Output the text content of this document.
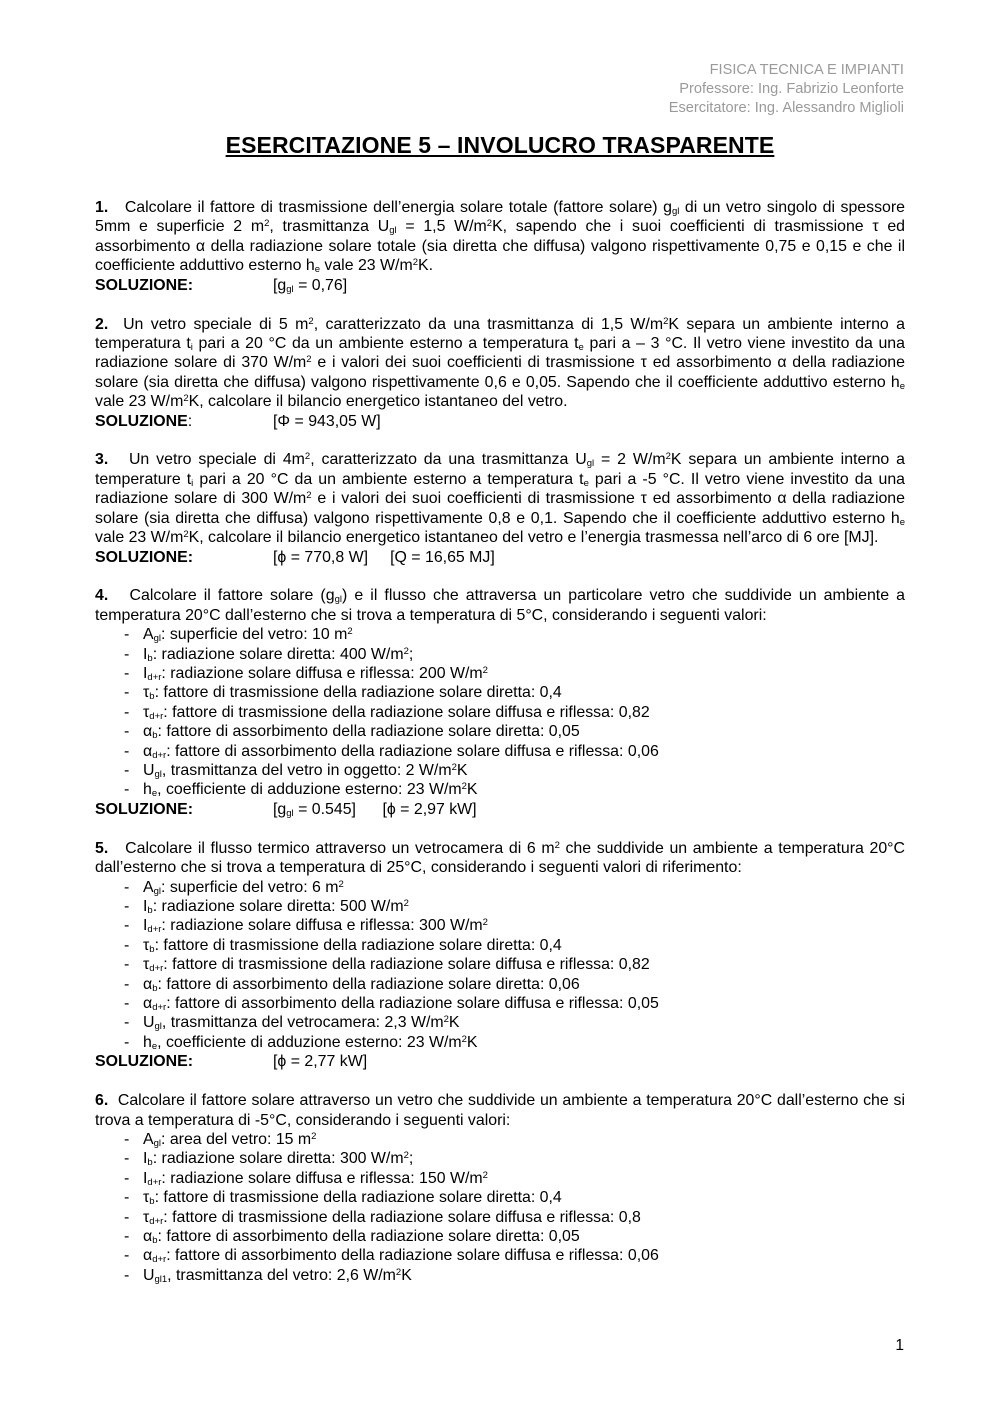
FISICA TECNICA E IMPIANTI
Professore: Ing. Fabrizio Leonforte
Esercitatore: Ing. Alessandro Miglioli
ESERCITAZIONE 5 – INVOLUCRO TRASPARENTE

1. Calcolare il fattore di trasmissione dell’energia solare totale (fattore solare) $g_{gl}$ di un vetro singolo di spessore 5mm e superficie 2 $m^2$, trasmittanza $U_{gl} = 1,5$ $W/m^2K$, sapendo che i suoi coefficienti di trasmissione τ ed assorbimento α della radiazione solare totale (sia diretta che diffusa) valgono rispettivamente 0,75 e 0,15 e che il coefficiente adduttivo esterno $h_e$ vale 23 $W/m^2K$.

SOLUZIONE:	$[g_{gl} = 0,76]$

2. Un vetro speciale di 5 $m^2$, caratterizzato da una trasmittanza di 1,5 $W/m^2K$ separa un ambiente interno a temperatura $t_i$ pari a 20 °C da un ambiente esterno a temperatura $t_e$ pari a – 3 °C. Il vetro viene investito da una radiazione solare di 370 $W/m^2$ e i valori dei suoi coefficienti di trasmissione τ ed assorbimento α della radiazione solare (sia diretta che diffusa) valgono rispettivamente 0,6 e 0,05. Sapendo che il coefficiente adduttivo esterno $h_e$ vale 23 $W/m^2K$, calcolare il bilancio energetico istantaneo del vetro.

SOLUZIONE:	[Φ = 943,05 W]

3. Un vetro speciale di $4m^2$, caratterizzato da una trasmittanza $U_{gl} = 2$ $W/m^2K$ separa un ambiente interno a temperature $t_i$ pari a 20 °C da un ambiente esterno a temperatura $t_e$ pari a -5 °C. Il vetro viene investito da una radiazione solare di 300 $W/m^2$ e i valori dei suoi coefficienti di trasmissione τ ed assorbimento α della radiazione solare (sia diretta che diffusa) valgono rispettivamente 0,8 e 0,1. Sapendo che il coefficiente adduttivo esterno $h_e$ vale 23 $W/m^2K$, calcolare il bilancio energetico istantaneo del vetro e l’energia trasmessa nell’arco di 6 ore [MJ].

SOLUZIONE:	[ϕ = 770,8 W]     [Q = 16,65 MJ]

4. Calcolare il fattore solare $(g_{gl})$ e il flusso che attraversa un particolare vetro che suddivide un ambiente a temperatura 20°C dall’esterno che si trova a temperatura di 5°C, considerando i seguenti valori:

- $A_{gl}$: superficie del vetro: 10 $m^2$
- $I_b$: radiazione solare diretta: 400 $W/m^2$;
- $I_{d+r}$: radiazione solare diffusa e riflessa: 200 $W/m^2$
- $\tau_b$: fattore di trasmissione della radiazione solare diretta: 0,4
- $\tau_{d+r}$: fattore di trasmissione della radiazione solare diffusa e riflessa: 0,82
- $\alpha_b$: fattore di assorbimento della radiazione solare diretta: 0,05
- $\alpha_{d+r}$: fattore di assorbimento della radiazione solare diffusa e riflessa: 0,06
- $U_{gl}$, trasmittanza del vetro in oggetto: 2 $W/m^2K$
- $h_e$, coefficiente di adduzione esterno: 23 $W/m^2K$
SOLUZIONE:	$[g_{gl} = 0.545]$      [ϕ = 2,97 kW]

5. Calcolare il flusso termico attraverso un vetrocamera di 6 $m^2$ che suddivide un ambiente a temperatura 20°C dall’esterno che si trova a temperatura di 25°C, considerando i seguenti valori di riferimento:

- $A_{gl}$: superficie del vetro: 6 $m^2$
- $I_b$: radiazione solare diretta: 500 $W/m^2$
- $I_{d+r}$: radiazione solare diffusa e riflessa: 300 $W/m^2$
- $\tau_b$: fattore di trasmissione della radiazione solare diretta: 0,4
- $\tau_{d+r}$: fattore di trasmissione della radiazione solare diffusa e riflessa: 0,82
- $\alpha_b$: fattore di assorbimento della radiazione solare diretta: 0,06
- $\alpha_{d+r}$: fattore di assorbimento della radiazione solare diffusa e riflessa: 0,05
- $U_{gl}$, trasmittanza del vetrocamera: 2,3 $W/m^2K$
- $h_e$, coefficiente di adduzione esterno: 23 $W/m^2K$
SOLUZIONE:	[ϕ = 2,77 kW]

6. Calcolare il fattore solare attraverso un vetro che suddivide un ambiente a temperatura 20°C dall’esterno che si trova a temperatura di -5°C, considerando i seguenti valori:

- $A_{gl}$: area del vetro: 15 $m^2$
- $I_b$: radiazione solare diretta: 300 $W/m^2$;
- $I_{d+r}$: radiazione solare diffusa e riflessa: 150 $W/m^2$
- $\tau_b$: fattore di trasmissione della radiazione solare diretta: 0,4
- $\tau_{d+r}$: fattore di trasmissione della radiazione solare diffusa e riflessa: 0,8
- $\alpha_b$: fattore di assorbimento della radiazione solare diretta: 0,05
- $\alpha_{d+r}$: fattore di assorbimento della radiazione solare diffusa e riflessa: 0,06
- $U_{gl1}$, trasmittanza del vetro: 2,6 $W/m^2K$
1
